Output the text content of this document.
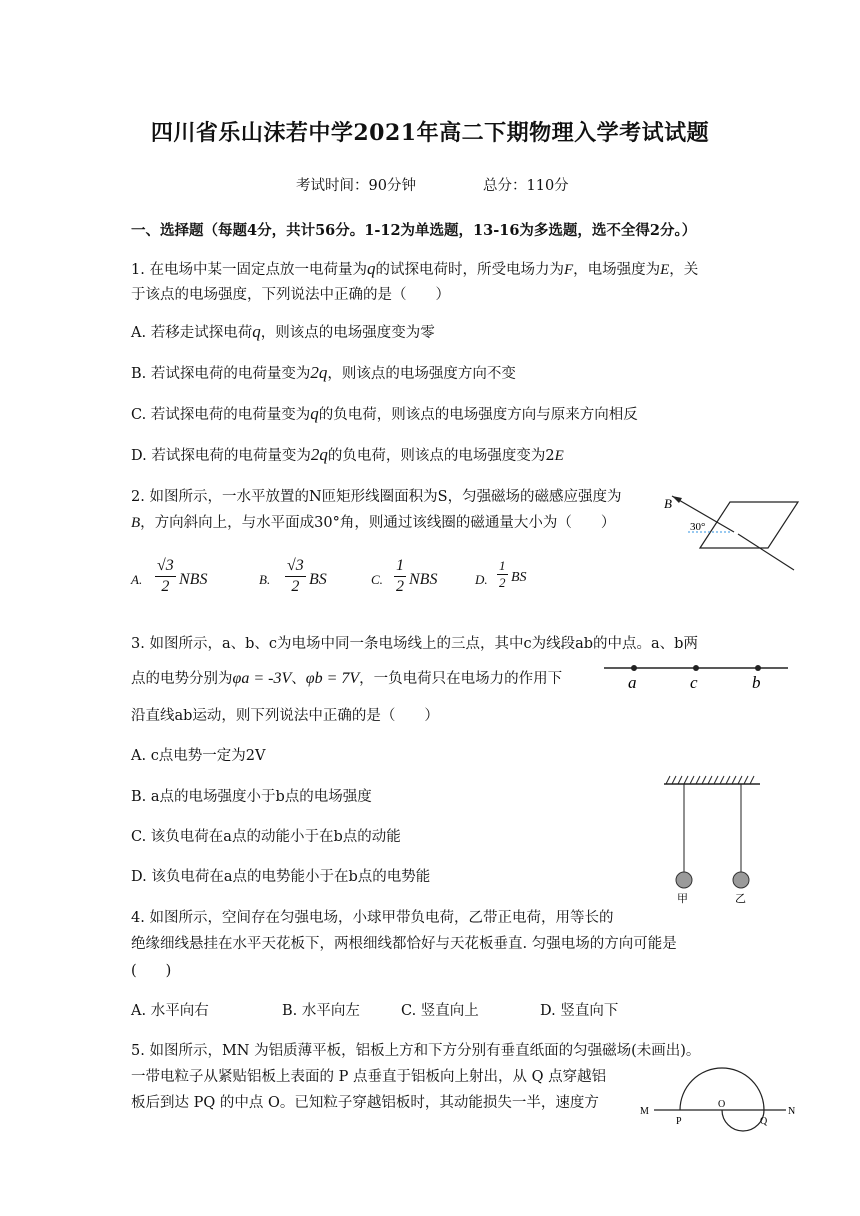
四川省乐山沫若中学2021年高二下期物理入学考试试题
考试时间：90分钟	总分：110分
一、选择题（每题4分，共计56分。1-12为单选题，13-16为多选题，选不全得2分。）
1. 在电场中某一固定点放一电荷量为q的试探电荷时，所受电场力为F，电场强度为E，关
于该点的电场强度，下列说法中正确的是（　　）
A. 若移走试探电荷q，则该点的电场强度变为零
B. 若试探电荷的电荷量变为2q，则该点的电场强度方向不变
C. 若试探电荷的电荷量变为q的负电荷，则该点的电场强度方向与原来方向相反
D. 若试探电荷的电荷量变为2q的负电荷，则该点的电场强度变为2E
2. 如图所示，一水平放置的N匝矩形线圈面积为S，匀强磁场的磁感应强度为
B，方向斜向上，与水平面成30°角，则通过该线圈的磁通量大小为（　　）
B
30°
A. $\frac{√3}{2}$ NBS	B. $\frac{√3}{2}$ BS	C. $\frac{1}{2}$ NBS	D. $\frac{1}{2}$ BS
3. 如图所示，a、b、c为电场中同一条电场线上的三点，其中c为线段ab的中点。a、b两
点的电势分别为φa = -3V、φb = 7V，一负电荷只在电场力的作用下	a	c	b
沿直线ab运动，则下列说法中正确的是（　　）
A. c点电势一定为2V
B. a点的电场强度小于b点的电场强度
C. 该负电荷在a点的动能小于在b点的动能
D. 该负电荷在a点的电势能小于在b点的电势能
甲	乙
4. 如图所示，空间存在匀强电场，小球甲带负电荷，乙带正电荷，用等长的
绝缘细线悬挂在水平天花板下，两根细线都恰好与天花板垂直. 匀强电场的方向可能是
(　　)
A. 水平向右	B. 水平向左	C. 竖直向上	D. 竖直向下
5. 如图所示，MN 为铝质薄平板，铝板上方和下方分别有垂直纸面的匀强磁场(未画出)。
一带电粒子从紧贴铝板上表面的 P 点垂直于铝板向上射出，从 Q 点穿越铝
板后到达 PQ 的中点 O。已知粒子穿越铝板时，其动能损失一半，速度方
M	N
P
O
Q
